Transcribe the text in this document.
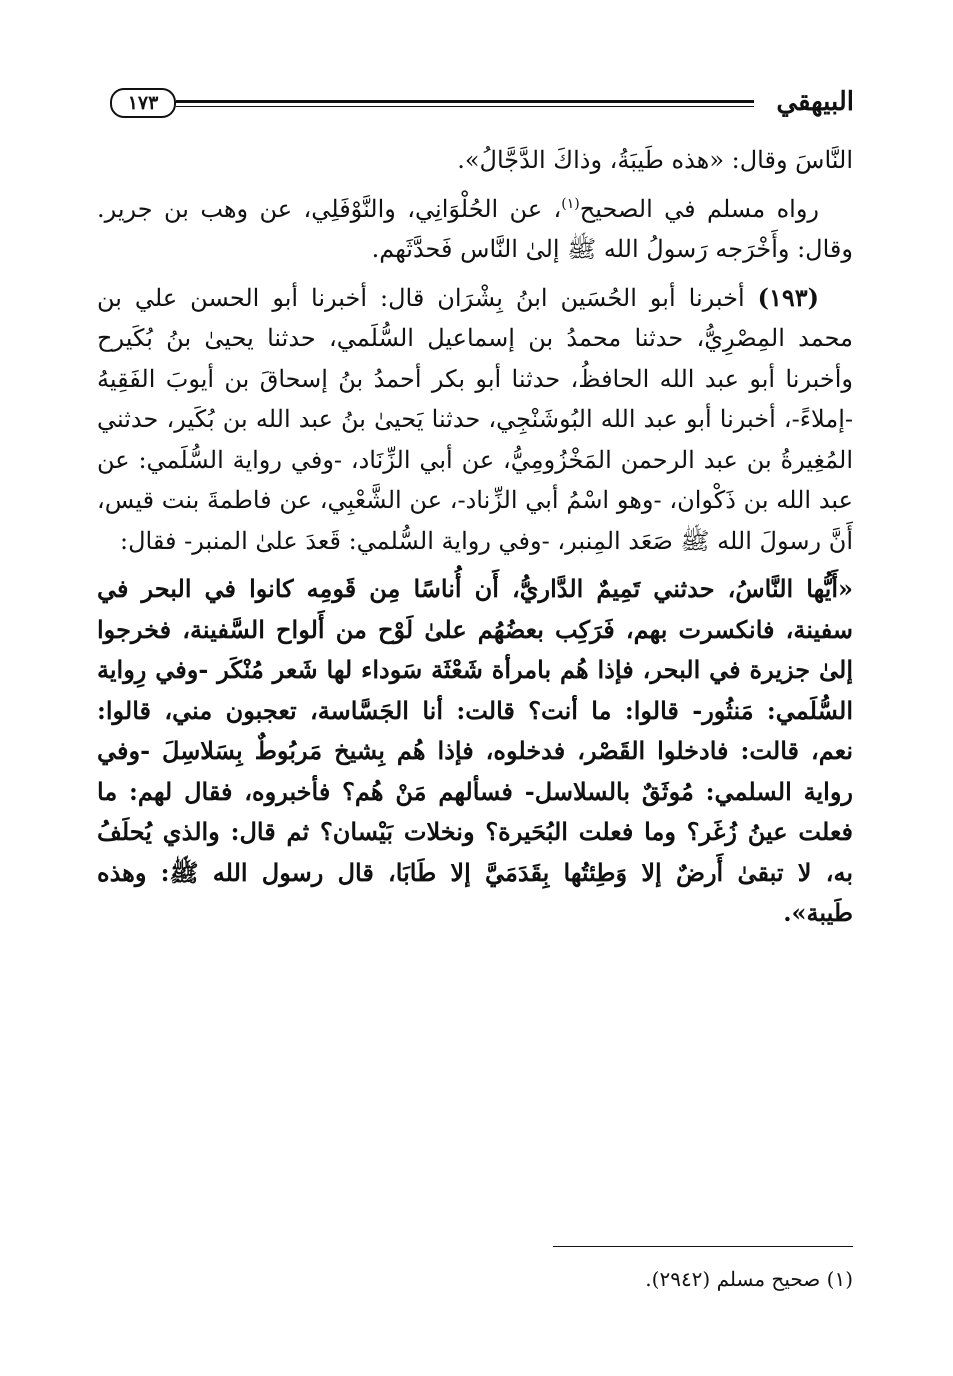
البيهقي
١٧٣

النَّاسَ وقال: «هذه طَيبَةُ، وذاكَ الدَّجَّالُ».

رواه مسلم في الصحيح$^{(١)}$، عن الحُلْوَانِي، والنَّوْفَلِي، عن وهب بن جرير. وقال: وأَخْرَجه رَسولُ الله ﷺ إلىٰ النَّاس فَحدَّثَهم.

(١٩٣) أخبرنا أبو الحُسَين ابنُ بِشْرَان قال: أخبرنا أبو الحسن علي بن محمد المِصْرِيُّ، حدثنا محمدُ بن إسماعيل السُّلَمي، حدثنا يحيىٰ بنُ بُكَيرح وأخبرنا أبو عبد الله الحافظُ، حدثنا أبو بكر أحمدُ بنُ إسحاقَ بن أيوبَ الفَقِيهُ -إملاءً-، أخبرنا أبو عبد الله البُوشَنْجِي، حدثنا يَحيىٰ بنُ عبد الله بن بُكَير، حدثني المُغِيرةُ بن عبد الرحمن المَخْزُومِيُّ، عن أبي الزِّنَاد، -وفي رواية السُّلَمي: عن عبد الله بن ذَكْوان، -وهو اسْمُ أبي الزِّناد-، عن الشَّعْبِي، عن فاطمةَ بنت قيس، أَنَّ رسولَ الله ﷺ صَعَد المِنبر، -وفي رواية السُّلمي: قَعدَ علىٰ المنبر- فقال:

«أَيُّها النَّاسُ، حدثني تَمِيمٌ الدَّاريُّ، أَن أُناسًا مِن قَومِه كانوا في البحر في سفينة، فانكسرت بهم، فَرَكِب بعضُهُم علىٰ لَوْح من أَلواح السَّفينة، فخرجوا إلىٰ جزيرة في البحر، فإذا هُم بامرأة شَعْثَة سَوداء لها شَعر مُنْكَر -وفي رِواية السُّلَمي: مَنثُور- قالوا: ما أنت؟ قالت: أنا الجَسَّاسة، تعجبون مني، قالوا: نعم، قالت: فادخلوا القَصْر، فدخلوه، فإذا هُم بِشيخ مَربُوطٌ بِسَلاسِلَ -وفي رواية السلمي: مُوثَقٌ بالسلاسل- فسألهم مَنْ هُم؟ فأخبروه، فقال لهم: ما فعلت عينُ زُغَر؟ وما فعلت البُحَيرة؟ ونخلات بَيْسان؟ ثم قال: والذي يُحلَفُ به، لا تبقىٰ أَرضٌ إلا وَطِئتُها بِقَدَمَيَّ إلا طَابَا، قال رسول الله ﷺ: وهذه طَيبة».

(١) صحيح مسلم (٢٩٤٢).
